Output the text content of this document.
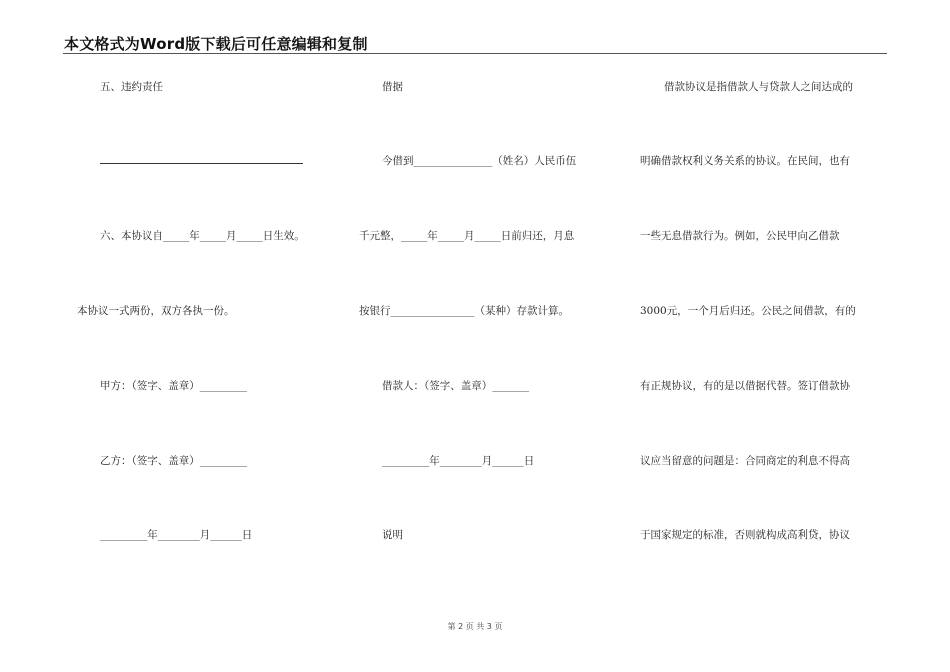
本文格式为Word版下载后可任意编辑和复制
五、违约责任
六、本协议自_____年_____月_____日生效。
本协议一式两份，双方各执一份。
甲方：（签字、盖章）_________
乙方：（签字、盖章）_________
_________年________月______日
借据
今借到_______________（姓名）人民币伍
千元整，_____年_____月_____日前归还，月息
按银行________________（某种）存款计算。
借款人：（签字、盖章）_______
_________年________月______日
说明
借款协议是指借款人与贷款人之间达成的
明确借款权利义务关系的协议。在民间，也有
一些无息借款行为。例如，公民甲向乙借款
3000元，一个月后归还。公民之间借款，有的
有正规协议，有的是以借据代替。签订借款协
议应当留意的问题是：合同商定的利息不得高
于国家规定的标准，否则就构成高利贷，协议
第 2 页 共 3 页
